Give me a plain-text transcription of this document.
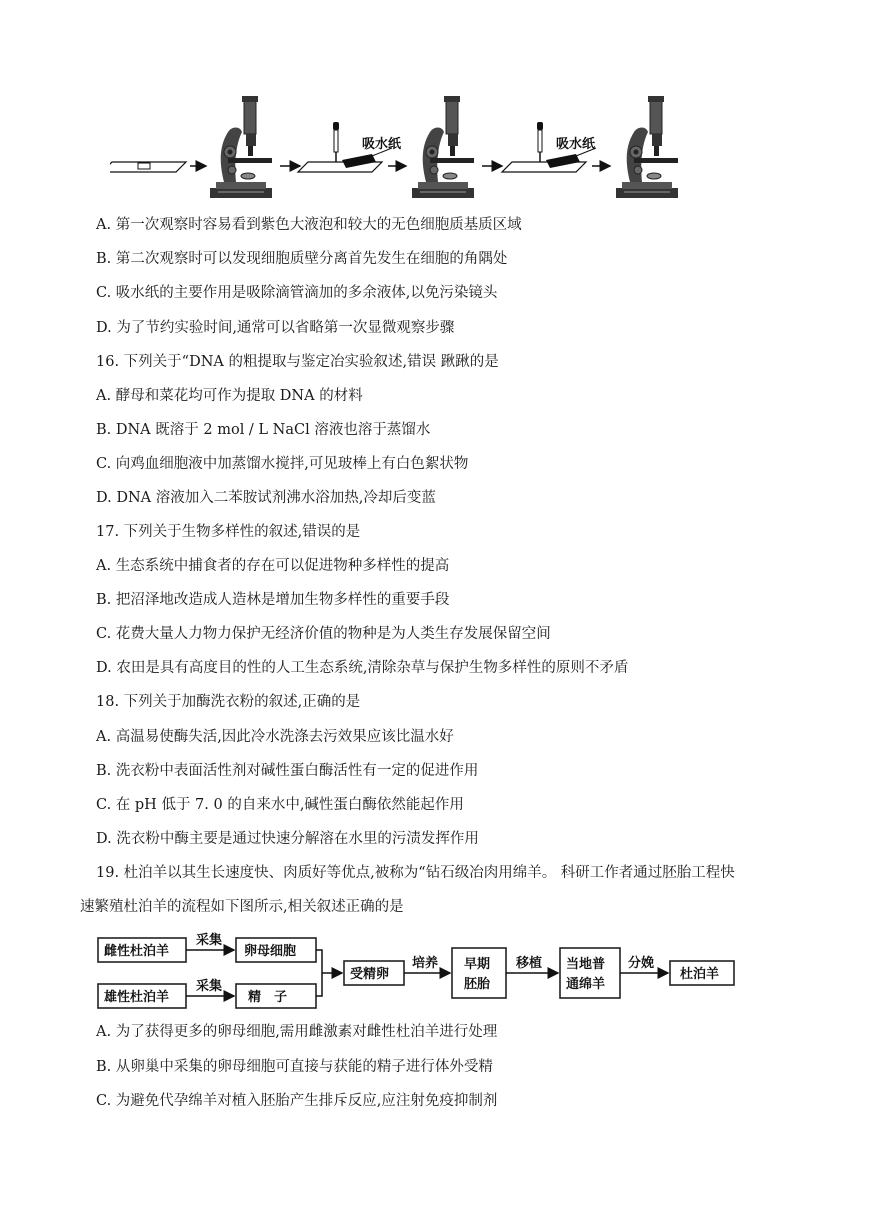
吸水纸	吸水纸
A. 第一次观察时容易看到紫色大液泡和较大的无色细胞质基质区域
B. 第二次观察时可以发现细胞质壁分离首先发生在细胞的角隅处
C. 吸水纸的主要作用是吸除滴管滴加的多余液体,以免污染镜头
D. 为了节约实验时间,通常可以省略第一次显微观察步骤
16. 下列关于“DNA 的粗提取与鉴定冶实验叙述,错误 踿踿的是
A. 酵母和菜花均可作为提取 DNA 的材料
B. DNA 既溶于 2 mol / L NaCl 溶液也溶于蒸馏水
C. 向鸡血细胞液中加蒸馏水搅拌,可见玻棒上有白色絮状物
D. DNA 溶液加入二苯胺试剂沸水浴加热,冷却后变蓝
17. 下列关于生物多样性的叙述,错误的是
A. 生态系统中捕食者的存在可以促进物种多样性的提高
B. 把沼泽地改造成人造林是增加生物多样性的重要手段
C. 花费大量人力物力保护无经济价值的物种是为人类生存发展保留空间
D. 农田是具有高度目的性的人工生态系统,清除杂草与保护生物多样性的原则不矛盾
18. 下列关于加酶洗衣粉的叙述,正确的是
A. 高温易使酶失活,因此冷水洗涤去污效果应该比温水好
B. 洗衣粉中表面活性剂对碱性蛋白酶活性有一定的促进作用
C. 在 pH 低于 7. 0 的自来水中,碱性蛋白酶依然能起作用
D. 洗衣粉中酶主要是通过快速分解溶在水里的污渍发挥作用
19. 杜泊羊以其生长速度快、肉质好等优点,被称为“钻石级冶肉用绵羊。 科研工作者通过胚胎工程快
速繁殖杜泊羊的流程如下图所示,相关叙述正确的是
雌性杜泊羊
雄性杜泊羊
采集
采集
卵母细胞
精　子
受精卵
培养 早期
胚胎
移植 当地普
通绵羊
分娩
杜泊羊
A. 为了获得更多的卵母细胞,需用雌激素对雌性杜泊羊进行处理
B. 从卵巢中采集的卵母细胞可直接与获能的精子进行体外受精
C. 为避免代孕绵羊对植入胚胎产生排斥反应,应注射免疫抑制剂
